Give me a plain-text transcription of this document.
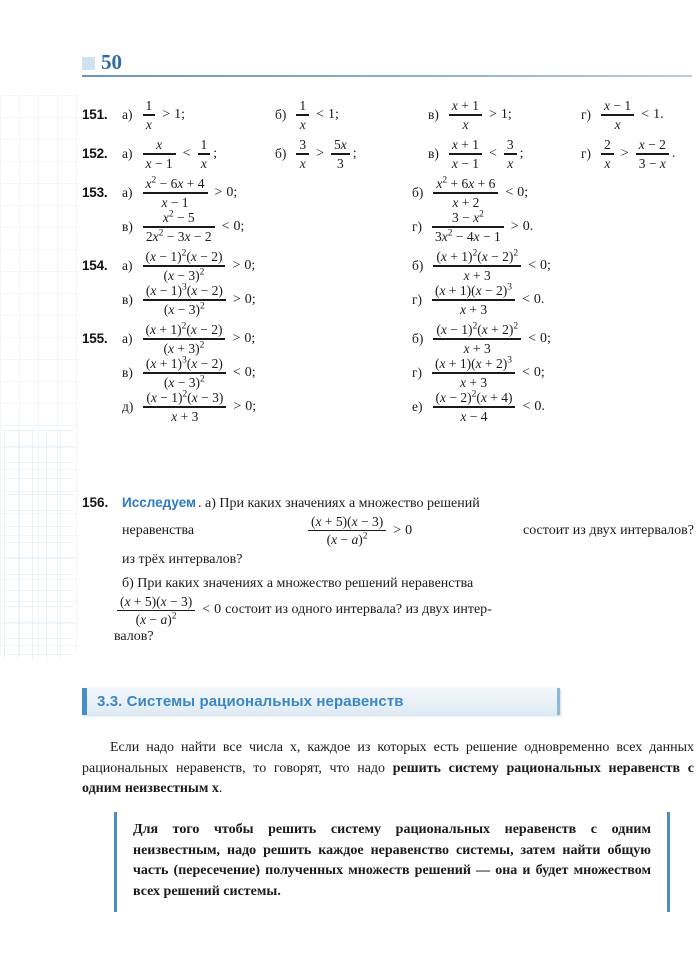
50
151.	$а) \frac{1}{x} > 1$;	$б) \frac{1}{x} < 1$;	$в) \frac{x + 1}{x} > 1$;	$г) \frac{x - 1}{x} < 1$.
152.	$а) \frac{x}{x - 1} < \frac{1}{x}$ ;	$б) \frac{3}{x} > \frac{5x}{3}$ ;	$в) \frac{x + 1}{x - 1} < \frac{3}{x}$ ;	$г) \frac{2}{x} > \frac{x - 2}{3 - x}$ .
153.	$а) \frac{x^2 - 6x + 4}{x - 1} > 0$;	$б) \frac{x^2 + 6x + 6}{x + 2} < 0$;
$в) \frac{x^2 - 5}{2x^2 - 3x - 2} < 0$;	$г) \frac{3 - x^2}{3x^2 - 4x - 1} > 0$.
154.	$а) \frac{(x - 1)^2(x - 2)}{(x - 3)^2} > 0$;	$б) \frac{(x + 1)^2(x - 2)^2}{x + 3} < 0$;
$в) \frac{(x - 1)^3(x - 2)}{(x - 3)^2} > 0$;	$г) \frac{(x + 1)(x - 2)^3}{x + 3} < 0$.
155.	$а) \frac{(x + 1)^2(x - 2)}{(x + 3)^2} > 0$;	$б) \frac{(x - 1)^2(x + 2)^2}{x + 3} < 0$;
$в) \frac{(x + 1)^3(x - 2)}{(x - 3)^2} < 0$;	$г) \frac{(x + 1)(x + 2)^3}{x + 3} < 0$;
$д) \frac{(x - 1)^2(x - 3)}{x + 3} > 0$;	$е) \frac{(x - 2)^2(x + 4)}{x - 4} < 0$.
156.	Исследуем . а) При каких значениях a множество решений
неравенства	$\frac{(x + 5)(x - 3)}{(x - a)^2} > 0$	состоит из двух интервалов?
из трёх интервалов?
б) При каких значениях a множество решений неравенства
$\frac{(x + 5)(x - 3)}{(x - a)^2} < 0$ состоит из одного интервала? из двух интер-
валов?
3.3. Системы рациональных неравенств
Если надо найти все числа x, каждое из которых есть решение одновременно всех данных рациональных неравенств, то говорят, что надо решить систему рациональных неравенств с одним неизвестным x.
Для того чтобы решить систему рациональных неравенств с одним неизвестным, надо решить каждое неравенство системы, затем найти общую часть (пересечение) полученных множеств решений — она и будет множеством всех решений системы.
